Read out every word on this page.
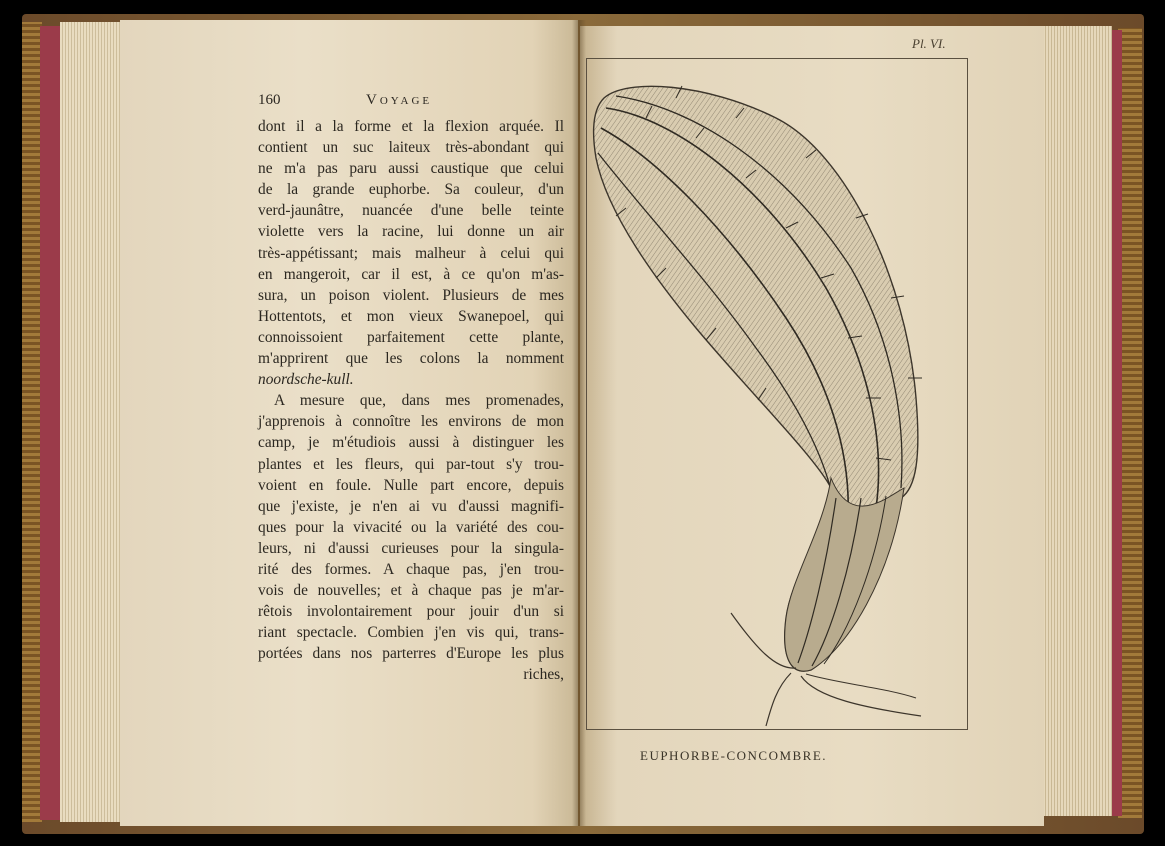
160	Voyage
dont il a la forme et la flexion arquée. Il
contient un suc laiteux très-abondant qui
ne m'a pas paru aussi caustique que celui
de la grande euphorbe. Sa couleur, d'un
verd-jaunâtre, nuancée d'une belle teinte
violette vers la racine, lui donne un air
très-appétissant; mais malheur à celui qui
en mangeroit, car il est, à ce qu'on m'as-
sura, un poison violent. Plusieurs de mes
Hottentots, et mon vieux Swanepoel, qui
connoissoient parfaitement cette plante,
m'apprirent que les colons la nomment
noordsche-kull.
A mesure que, dans mes promenades,
j'apprenois à connoître les environs de mon
camp, je m'étudiois aussi à distinguer les
plantes et les fleurs, qui par-tout s'y trou-
voient en foule. Nulle part encore, depuis
que j'existe, je n'en ai vu d'aussi magnifi-
ques pour la vivacité ou la variété des cou-
leurs, ni d'aussi curieuses pour la singula-
rité des formes. A chaque pas, j'en trou-
vois de nouvelles; et à chaque pas je m'ar-
rêtois involontairement pour jouir d'un si
riant spectacle. Combien j'en vis qui, trans-
portées dans nos parterres d'Europe les plus
riches,
Pl. VI.
EUPHORBE-CONCOMBRE.
